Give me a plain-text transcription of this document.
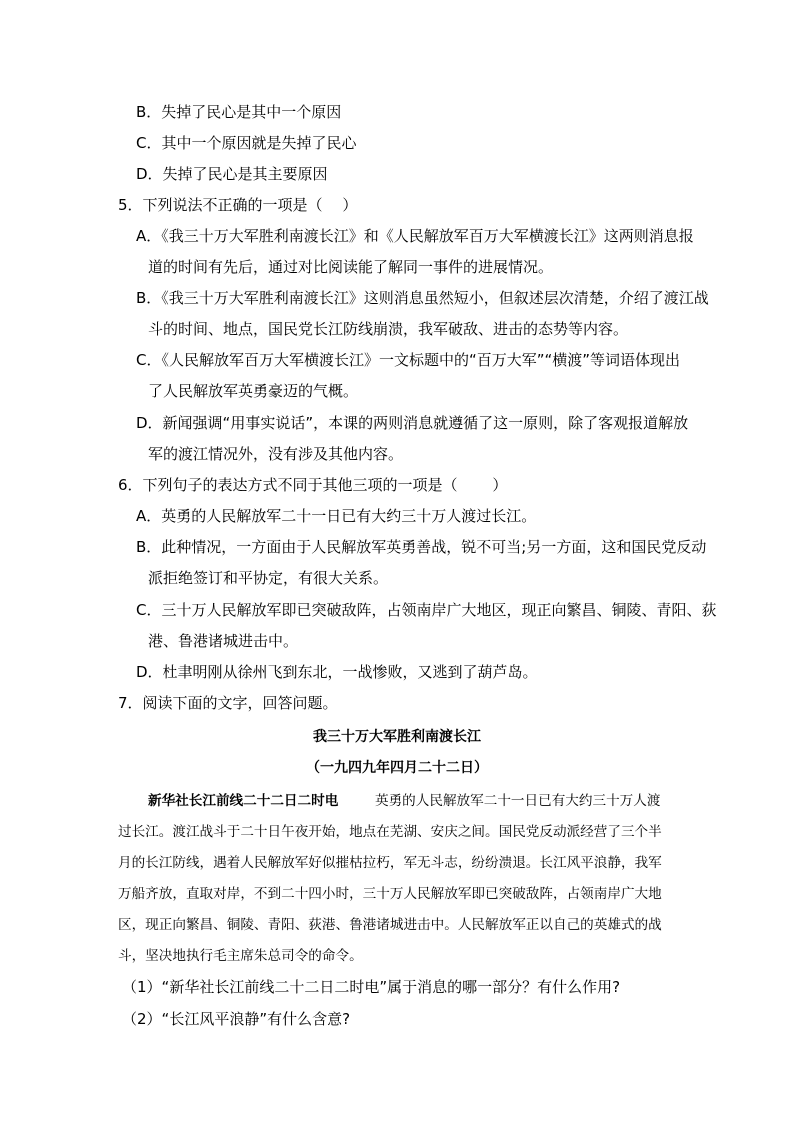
B．失掉了民心是其中一个原因
C．其中一个原因就是失掉了民心
D．失掉了民心是其主要原因
5．下列说法不正确的一项是（　 ）
A．《我三十万大军胜利南渡长江》和《人民解放军百万大军横渡长江》这两则消息报
道的时间有先后，通过对比阅读能了解同一事件的进展情况。
B．《我三十万大军胜利南渡长江》这则消息虽然短小，但叙述层次清楚，介绍了渡江战
斗的时间、地点，国民党长江防线崩溃，我军破敌、进击的态势等内容。
C．《人民解放军百万大军横渡长江》一文标题中的“百万大军”“横渡”等词语体现出
了人民解放军英勇豪迈的气概。
D．新闻强调“用事实说话”，本课的两则消息就遵循了这一原则，除了客观报道解放
军的渡江情况外，没有涉及其他内容。
6．下列句子的表达方式不同于其他三项的一项是（　　 ）
A．英勇的人民解放军二十一日已有大约三十万人渡过长江。
B．此种情况，一方面由于人民解放军英勇善战，锐不可当;另一方面，这和国民党反动
派拒绝签订和平协定，有很大关系。
C．三十万人民解放军即已突破敌阵，占领南岸广大地区，现正向繁昌、铜陵、青阳、荻
港、鲁港诸城进击中。
D．杜聿明刚从徐州飞到东北，一战惨败，又逃到了葫芦岛。
7．阅读下面的文字，回答问题。
我三十万大军胜利南渡长江
（一九四九年四月二十二日）
新华社长江前线二十二日二时电	英勇的人民解放军二十一日已有大约三十万人渡
过长江。渡江战斗于二十日午夜开始，地点在芜湖、安庆之间。国民党反动派经营了三个半
月的长江防线，遇着人民解放军好似摧枯拉朽，军无斗志，纷纷溃退。长江风平浪静，我军
万船齐放，直取对岸，不到二十四小时，三十万人民解放军即已突破敌阵，占领南岸广大地
区，现正向繁昌、铜陵、青阳、荻港、鲁港诸城进击中。人民解放军正以自己的英雄式的战
斗，坚决地执行毛主席朱总司令的命令。
（1）“新华社长江前线二十二日二时电”属于消息的哪一部分？有什么作用?
（2）“长江风平浪静”有什么含意?
